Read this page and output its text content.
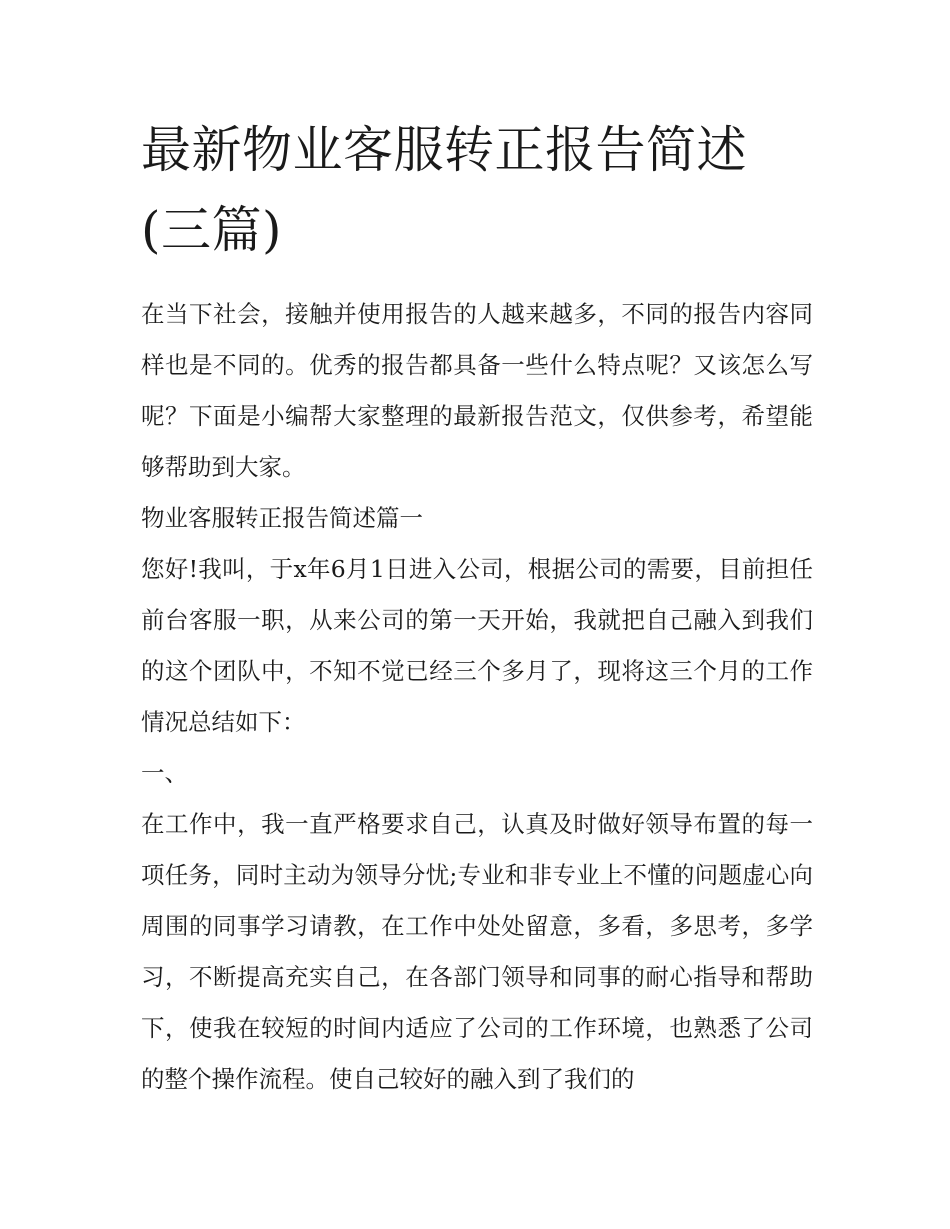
最新物业客服转正报告简述(三篇)

在当下社会，接触并使用报告的人越来越多，不同的报告内容同样也是不同的。优秀的报告都具备一些什么特点呢？又该怎么写呢？下面是小编帮大家整理的最新报告范文，仅供参考，希望能够帮助到大家。

物业客服转正报告简述篇一

您好!我叫，于x年6月1日进入公司，根据公司的需要，目前担任前台客服一职，从来公司的第一天开始，我就把自己融入到我们的这个团队中，不知不觉已经三个多月了，现将这三个月的工作情况总结如下：

一、

在工作中，我一直严格要求自己，认真及时做好领导布置的每一项任务，同时主动为领导分忧;专业和非专业上不懂的问题虚心向周围的同事学习请教，在工作中处处留意，多看，多思考，多学习，不断提高充实自己，在各部门领导和同事的耐心指导和帮助下，使我在较短的时间内适应了公司的工作环境，也熟悉了公司的整个操作流程。使自己较好的融入到了我们的
